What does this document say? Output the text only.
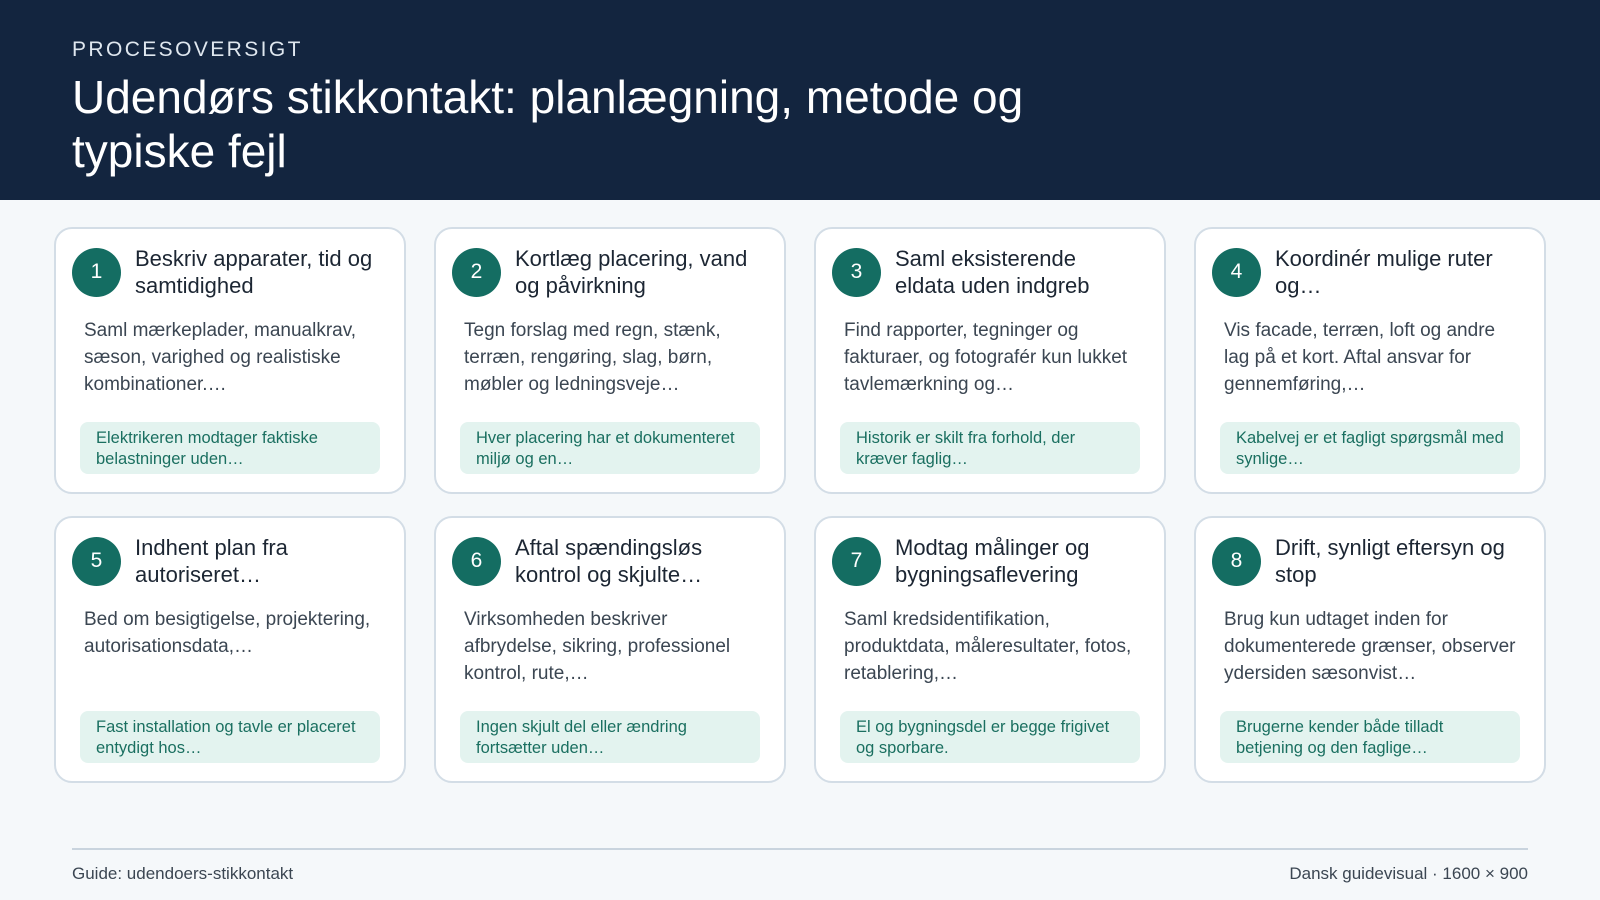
PROCESOVERSIGT
Udendørs stikkontakt: planlægning, metode og typiske fejl
1
Beskriv apparater, tid og samtidighed
Saml mærkeplader, manualkrav, sæson, varighed og realistiske kombinationer.…
Elektrikeren modtager faktiske belastninger uden…
2
Kortlæg placering, vand og påvirkning
Tegn forslag med regn, stænk, terræn, rengøring, slag, børn, møbler og ledningsveje…
Hver placering har et dokumenteret miljø og en…
3
Saml eksisterende eldata uden indgreb
Find rapporter, tegninger og fakturaer, og fotografér kun lukket tavlemærkning og…
Historik er skilt fra forhold, der kræver faglig…
4
Koordinér mulige ruter og…
Vis facade, terræn, loft og andre lag på et kort. Aftal ansvar for gennemføring,…
Kabelvej er et fagligt spørgsmål med synlige…
5
Indhent plan fra autoriseret…
Bed om besigtigelse, projektering, autorisationsdata,…
Fast installation og tavle er placeret entydigt hos…
6
Aftal spændingsløs kontrol og skjulte…
Virksomheden beskriver afbrydelse, sikring, professionel kontrol, rute,…
Ingen skjult del eller ændring fortsætter uden…
7
Modtag målinger og bygningsaflevering
Saml kredsidentifikation, produktdata, måleresultater, fotos, retablering,…
El og bygningsdel er begge frigivet og sporbare.
8
Drift, synligt eftersyn og stop
Brug kun udtaget inden for dokumenterede grænser, observer ydersiden sæsonvist…
Brugerne kender både tilladt betjening og den faglige…
Guide: udendoers-stikkontakt	Dansk guidevisual · 1600 × 900
